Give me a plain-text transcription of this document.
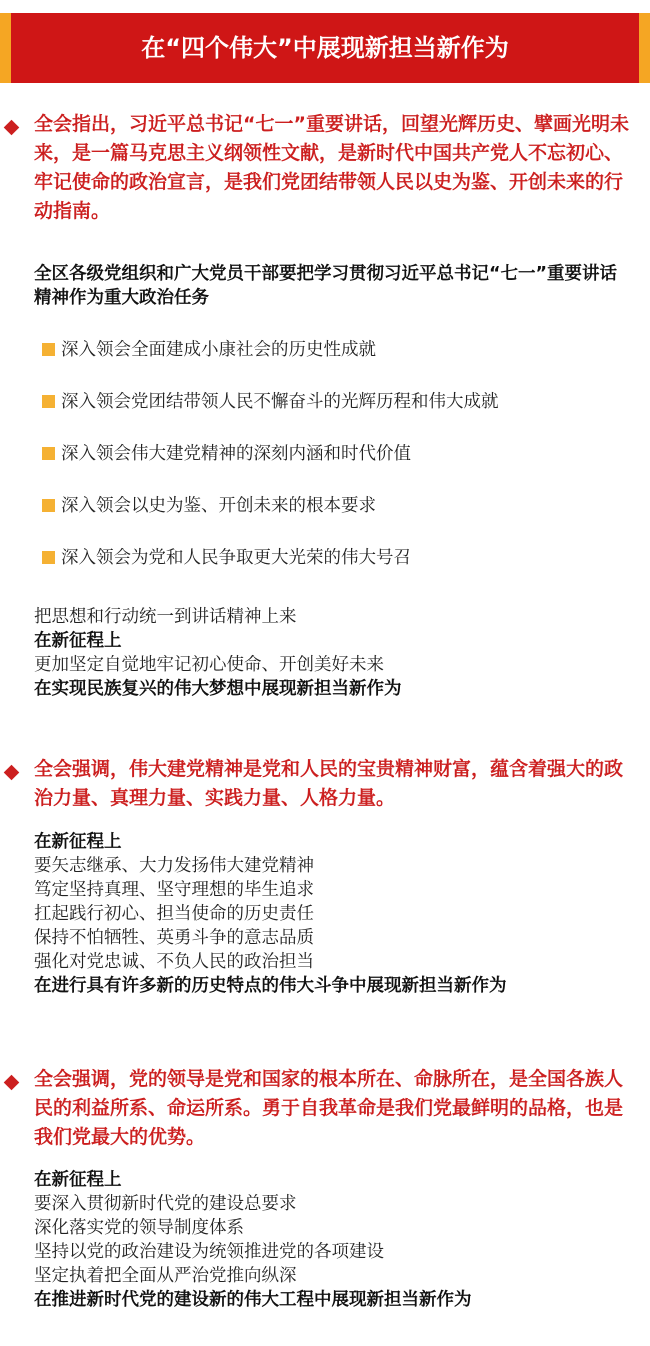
在“四个伟大”中展现新担当新作为
全会指出，习近平总书记“七一”重要讲话，回望光辉历史、擘画光明未来，是一篇马克思主义纲领性文献，是新时代中国共产党人不忘初心、牢记使命的政治宣言，是我们党团结带领人民以史为鉴、开创未来的行动指南。
全区各级党组织和广大党员干部要把学习贯彻习近平总书记“七一”重要讲话精神作为重大政治任务
深入领会全面建成小康社会的历史性成就
深入领会党团结带领人民不懈奋斗的光辉历程和伟大成就
深入领会伟大建党精神的深刻内涵和时代价值
深入领会以史为鉴、开创未来的根本要求
深入领会为党和人民争取更大光荣的伟大号召
把思想和行动统一到讲话精神上来
在新征程上
更加坚定自觉地牢记初心使命、开创美好未来
在实现民族复兴的伟大梦想中展现新担当新作为
全会强调，伟大建党精神是党和人民的宝贵精神财富，蕴含着强大的政治力量、真理力量、实践力量、人格力量。
在新征程上
要矢志继承、大力发扬伟大建党精神
笃定坚持真理、坚守理想的毕生追求
扛起践行初心、担当使命的历史责任
保持不怕牺牲、英勇斗争的意志品质
强化对党忠诚、不负人民的政治担当
在进行具有许多新的历史特点的伟大斗争中展现新担当新作为
全会强调，党的领导是党和国家的根本所在、命脉所在，是全国各族人民的利益所系、命运所系。勇于自我革命是我们党最鲜明的品格，也是我们党最大的优势。
在新征程上
要深入贯彻新时代党的建设总要求
深化落实党的领导制度体系
坚持以党的政治建设为统领推进党的各项建设
坚定执着把全面从严治党推向纵深
在推进新时代党的建设新的伟大工程中展现新担当新作为
